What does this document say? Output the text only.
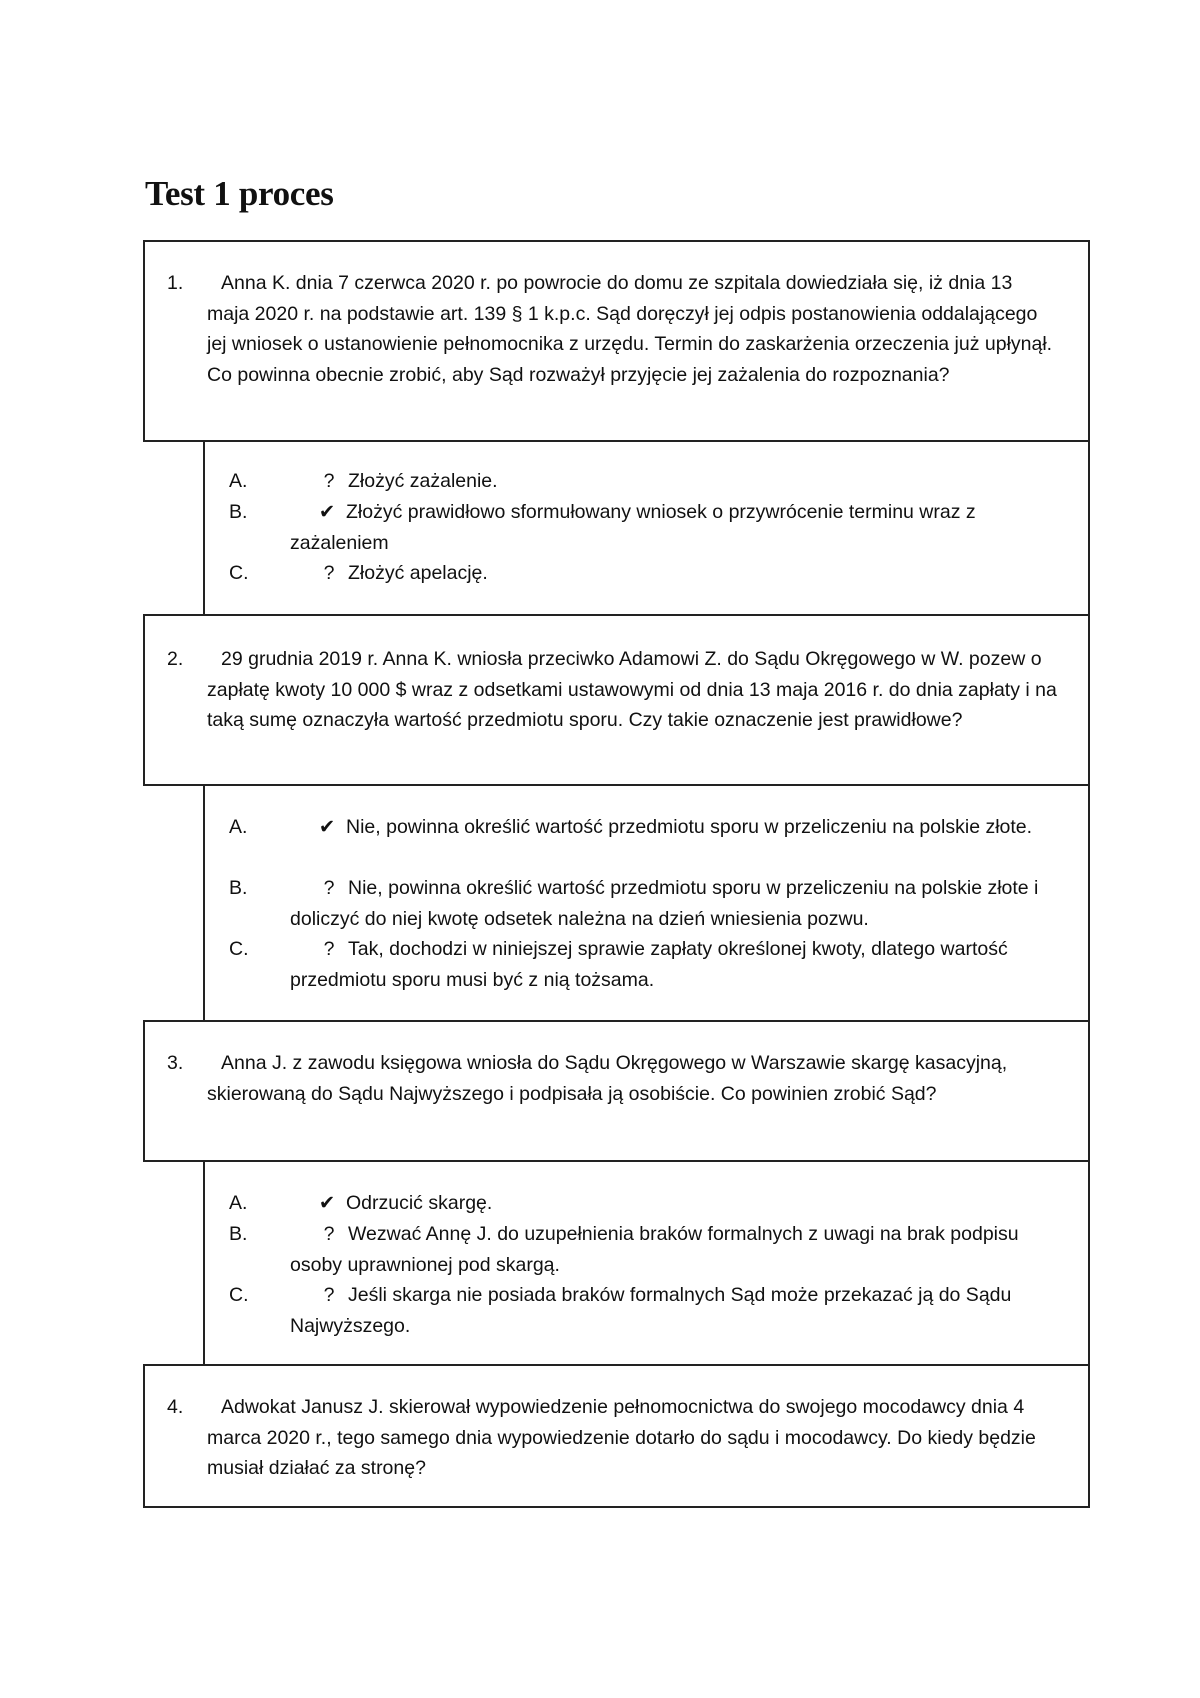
Test 1 proces
1.	Anna K. dnia 7 czerwca 2020 r. po powrocie do domu ze szpitala dowiedziała się, iż dnia 13 maja 2020 r. na podstawie art. 139 § 1 k.p.c. Sąd doręczył jej odpis postanowienia oddalającego jej wniosek o ustanowienie pełnomocnika z urzędu. Termin do zaskarżenia orzeczenia już upłynął. Co powinna obecnie zrobić, aby Sąd rozważył przyjęcie jej zażalenia do rozpoznania?
A.	? Złożyć zażalenie.
B.	✔ Złożyć prawidłowo sformułowany wniosek o przywrócenie terminu wraz z zażaleniem
C.	? Złożyć apelację.
2.	29 grudnia 2019 r. Anna K. wniosła przeciwko Adamowi Z. do Sądu Okręgowego w W. pozew o zapłatę kwoty 10 000 $ wraz z odsetkami ustawowymi od dnia 13 maja 2016 r. do dnia zapłaty i na taką sumę oznaczyła wartość przedmiotu sporu. Czy takie oznaczenie jest prawidłowe?
A.	✔ Nie, powinna określić wartość przedmiotu sporu w przeliczeniu na polskie złote.
B.	? Nie, powinna określić wartość przedmiotu sporu w przeliczeniu na polskie złote i doliczyć do niej kwotę odsetek należna na dzień wniesienia pozwu.
C.	? Tak, dochodzi w niniejszej sprawie zapłaty określonej kwoty, dlatego wartość przedmiotu sporu musi być z nią tożsama.
3.	Anna J. z zawodu księgowa wniosła do Sądu Okręgowego w Warszawie skargę kasacyjną, skierowaną do Sądu Najwyższego i podpisała ją osobiście. Co powinien zrobić Sąd?
A.	✔ Odrzucić skargę.
B.	? Wezwać Annę J. do uzupełnienia braków formalnych z uwagi na brak podpisu osoby uprawnionej pod skargą.
C.	? Jeśli skarga nie posiada braków formalnych Sąd może przekazać ją do Sądu Najwyższego.
4.	Adwokat Janusz J. skierował wypowiedzenie pełnomocnictwa do swojego mocodawcy dnia 4 marca 2020 r., tego samego dnia wypowiedzenie dotarło do sądu i mocodawcy. Do kiedy będzie musiał działać za stronę?
